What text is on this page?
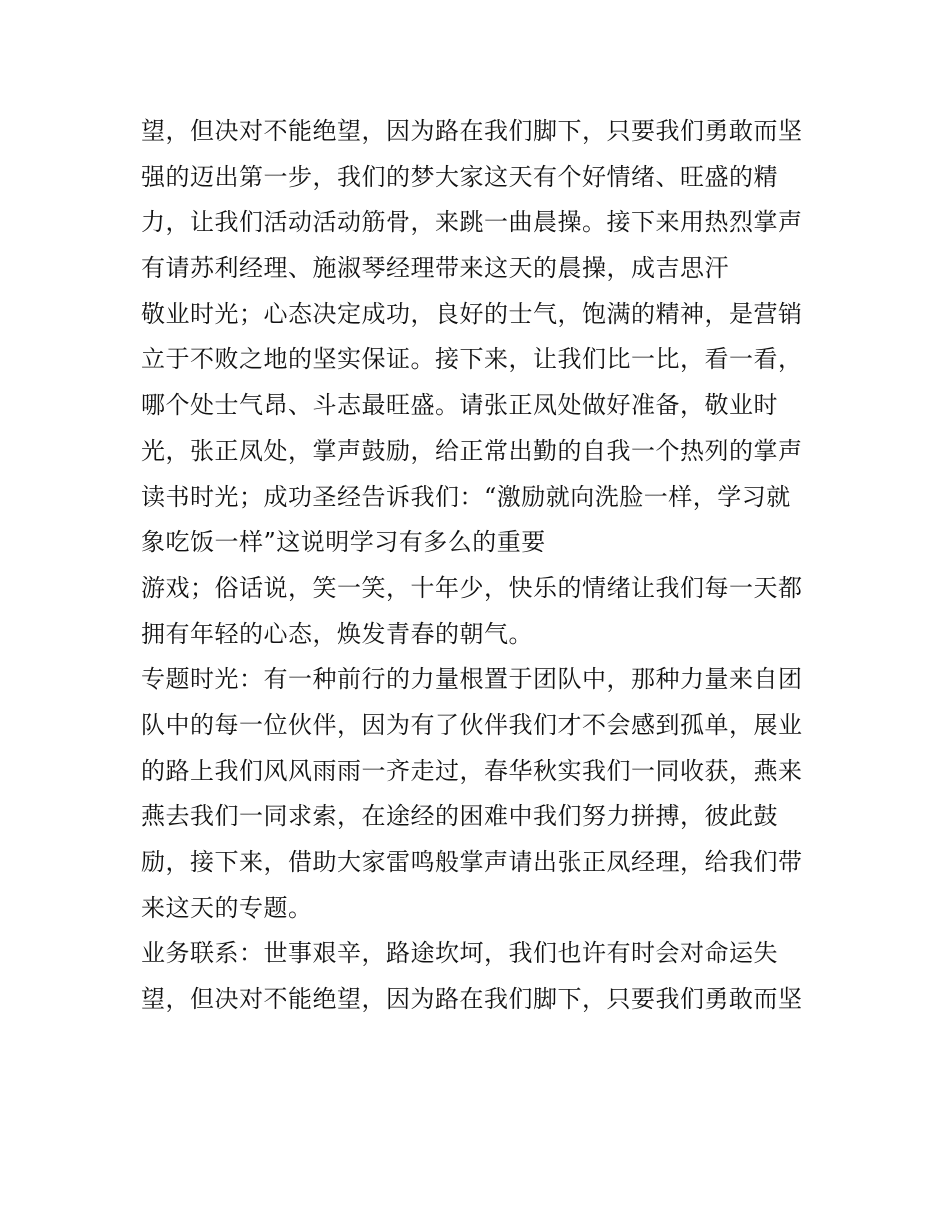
望，但决对不能绝望，因为路在我们脚下，只要我们勇敢而坚
强的迈出第一步，我们的梦大家这天有个好情绪、旺盛的精
力，让我们活动活动筋骨，来跳一曲晨操。接下来用热烈掌声
有请苏利经理、施淑琴经理带来这天的晨操，成吉思汗
敬业时光；心态决定成功，良好的士气，饱满的精神，是营销
立于不败之地的坚实保证。接下来，让我们比一比，看一看，
哪个处士气昂、斗志最旺盛。请张正凤处做好准备，敬业时
光，张正凤处，掌声鼓励，给正常出勤的自我一个热列的掌声
读书时光；成功圣经告诉我们：“激励就向洗脸一样，学习就
象吃饭一样”这说明学习有多么的重要
游戏；俗话说，笑一笑，十年少，快乐的情绪让我们每一天都
拥有年轻的心态，焕发青春的朝气。
专题时光：有一种前行的力量根置于团队中，那种力量来自团
队中的每一位伙伴，因为有了伙伴我们才不会感到孤单，展业
的路上我们风风雨雨一齐走过，春华秋实我们一同收获，燕来
燕去我们一同求索，在途经的困难中我们努力拼搏，彼此鼓
励，接下来，借助大家雷鸣般掌声请出张正凤经理，给我们带
来这天的专题。
业务联系：世事艰辛，路途坎坷，我们也许有时会对命运失
望，但决对不能绝望，因为路在我们脚下，只要我们勇敢而坚
